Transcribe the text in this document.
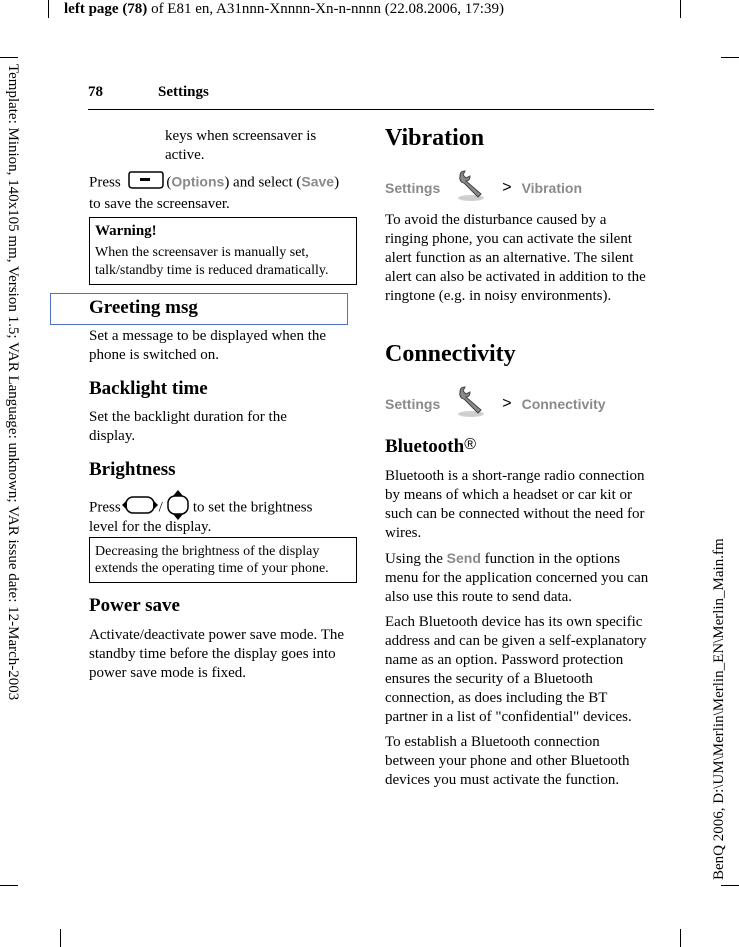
left page (78) of E81 en, A31nnn-Xnnnn-Xn-n-nnnn (22.08.2006, 17:39)
Template: Minion, 140x105 mm, Version 1.5; VAR Language: unknown; VAR issue date: 12-March-2003
BenQ 2006, D:\UM\Merlin\Merlin_EN\Merlin_Main.fm
78	Settings
keys when screensaver is active.
Press	(Options) and select (Save)
to save the screensaver.
Warning!
When the screensaver is manually set, talk/standby time is reduced dramatically.
Greeting msg
Set a message to be displayed when the phone is switched on.
Backlight time
Set the backlight duration for the display.
Brightness
Press	/ to set the brightness
level for the display.
Decreasing the brightness of the display extends the operating time of your phone.
Power save
Activate/deactivate power save mode. The standby time before the display goes into power save mode is fixed.
Vibration
Settings	> Vibration
To avoid the disturbance caused by a ringing phone, you can activate the silent alert function as an alternative. The silent alert can also be activated in addition to the ringtone (e.g. in noisy environments).
Connectivity
Settings	> Connectivity
Bluetooth®
Bluetooth is a short-range radio connection by means of which a headset or car kit or such can be connected without the need for wires.
Using the Send function in the options menu for the application concerned you can also use this route to send data.
Each Bluetooth device has its own specific address and can be given a self-explanatory name as an option. Password protection ensures the security of a Bluetooth connection, as does including the BT partner in a list of "confidential" devices.
To establish a Bluetooth connection between your phone and other Bluetooth devices you must activate the function.
